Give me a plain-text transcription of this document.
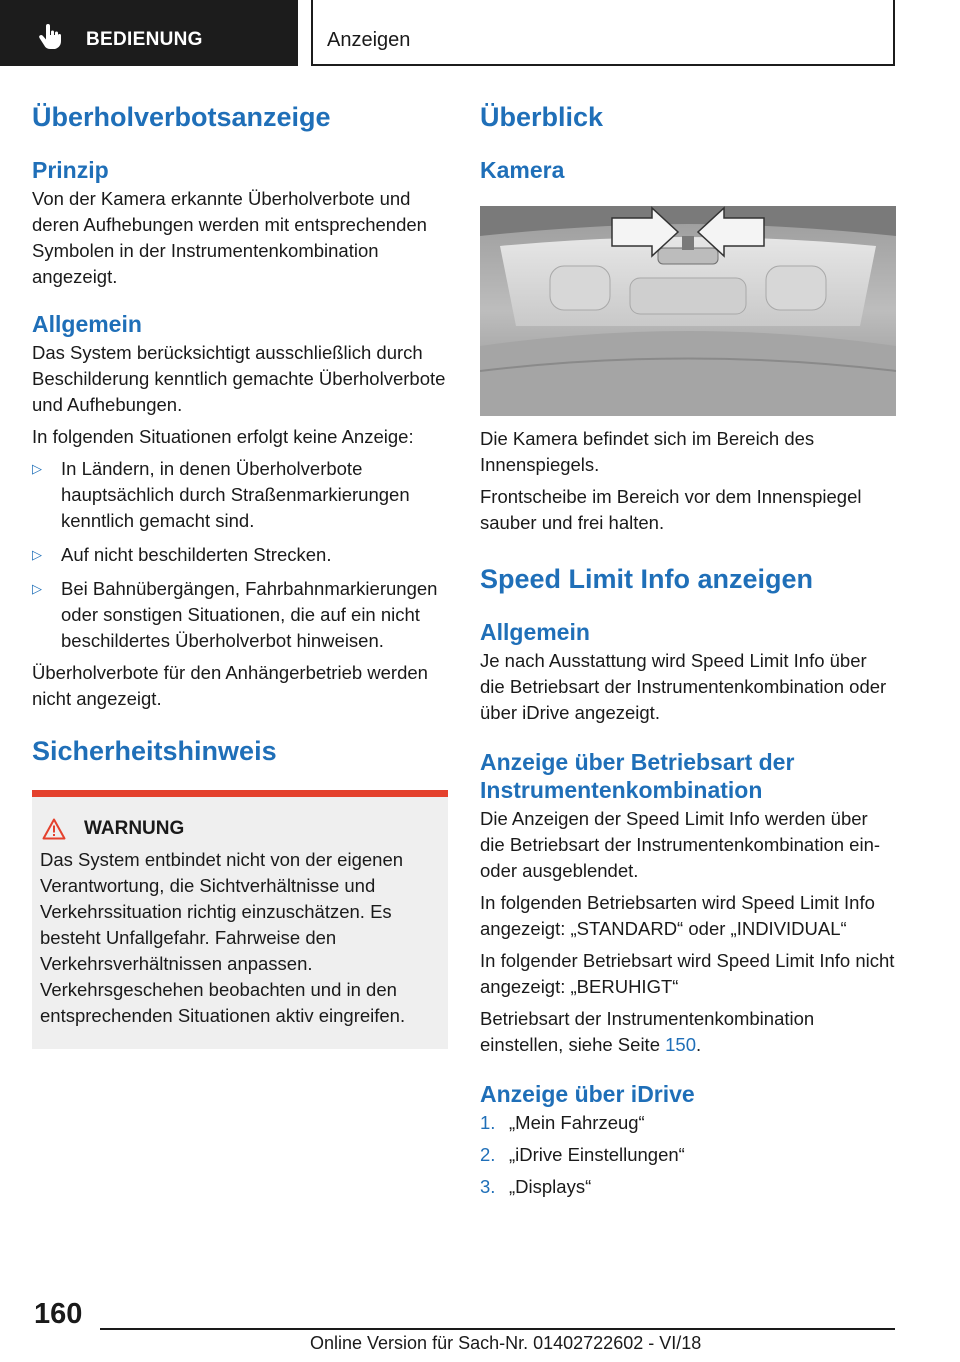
BEDIENUNG	Anzeigen
Überholverbotsanzeige
Prinzip

Von der Kamera erkannte Überholverbote und deren Aufhebungen werden mit entsprechenden Symbolen in der Instrumentenkombination angezeigt.

Allgemein

Das System berücksichtigt ausschließlich durch Beschilderung kenntlich gemachte Überholverbote und Aufhebungen.

In folgenden Situationen erfolgt keine Anzeige:

▷ In Ländern, in denen Überholverbote hauptsächlich durch Straßenmarkierungen kenntlich gemacht sind.
▷ Auf nicht beschilderten Strecken.
▷ Bei Bahnübergängen, Fahrbahnmarkierungen oder sonstigen Situationen, die auf ein nicht beschildertes Überholverbot hinweisen.

Überholverbote für den Anhängerbetrieb werden nicht angezeigt.

Sicherheitshinweis
WARNUNG

Das System entbindet nicht von der eigenen Verantwortung, die Sichtverhältnisse und Verkehrssituation richtig einzuschätzen. Es besteht Unfallgefahr. Fahrweise den Verkehrsverhältnissen anpassen. Verkehrsgeschehen beobachten und in den entsprechenden Situationen aktiv eingreifen.

Überblick
Kamera

Die Kamera befindet sich im Bereich des Innenspiegels.

Frontscheibe im Bereich vor dem Innenspiegel sauber und frei halten.

Speed Limit Info anzeigen
Allgemein

Je nach Ausstattung wird Speed Limit Info über die Betriebsart der Instrumentenkombination oder über iDrive angezeigt.

Anzeige über Betriebsart der Instrumentenkombination

Die Anzeigen der Speed Limit Info werden über die Betriebsart der Instrumentenkombination ein- oder ausgeblendet.

In folgenden Betriebsarten wird Speed Limit Info angezeigt: „STANDARD“ oder „INDIVIDUAL“

In folgender Betriebsart wird Speed Limit Info nicht angezeigt: „BERUHIGT“

Betriebsart der Instrumentenkombination einstellen, siehe Seite 150.

Anzeige über iDrive
1. „Mein Fahrzeug“
2. „iDrive Einstellungen“
3. „Displays“
160
Online Version für Sach-Nr. 01402722602 - VI/18
